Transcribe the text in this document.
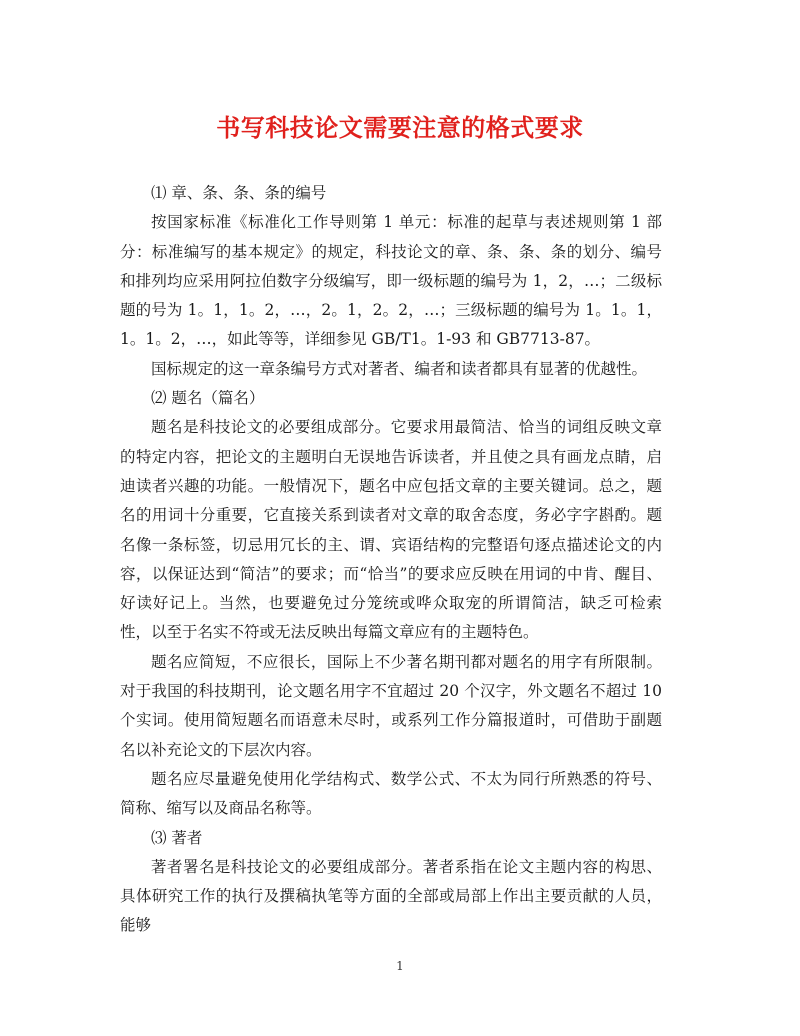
书写科技论文需要注意的格式要求

⑴ 章、条、条、条的编号

按国家标准《标准化工作导则第 1 单元：标准的起草与表述规则第 1 部分：标准编写的基本规定》的规定，科技论文的章、条、条、条的划分、编号和排列均应采用阿拉伯数字分级编写，即一级标题的编号为 1，2，…；二级标题的号为 1。1，1。2，…，2。1，2。2，…；三级标题的编号为 1。1。1，1。1。2，…，如此等等，详细参见 GB/T1。1-93 和 GB7713-87。

国标规定的这一章条编号方式对著者、编者和读者都具有显著的优越性。

⑵ 题名（篇名）

题名是科技论文的必要组成部分。它要求用最简洁、恰当的词组反映文章的特定内容，把论文的主题明白无误地告诉读者，并且使之具有画龙点睛，启迪读者兴趣的功能。一般情况下，题名中应包括文章的主要关键词。总之，题名的用词十分重要，它直接关系到读者对文章的取舍态度，务必字字斟酌。题名像一条标签，切忌用冗长的主、谓、宾语结构的完整语句逐点描述论文的内容，以保证达到“简洁”的要求；而“恰当”的要求应反映在用词的中肯、醒目、好读好记上。当然，也要避免过分笼统或哗众取宠的所谓简洁，缺乏可检索性，以至于名实不符或无法反映出每篇文章应有的主题特色。

题名应简短，不应很长，国际上不少著名期刊都对题名的用字有所限制。对于我国的科技期刊，论文题名用字不宜超过 20 个汉字，外文题名不超过 10 个实词。使用简短题名而语意未尽时，或系列工作分篇报道时，可借助于副题名以补充论文的下层次内容。

题名应尽量避免使用化学结构式、数学公式、不太为同行所熟悉的符号、简称、缩写以及商品名称等。

⑶ 著者

著者署名是科技论文的必要组成部分。著者系指在论文主题内容的构思、具体研究工作的执行及撰稿执笔等方面的全部或局部上作出主要贡献的人员，能够

1
